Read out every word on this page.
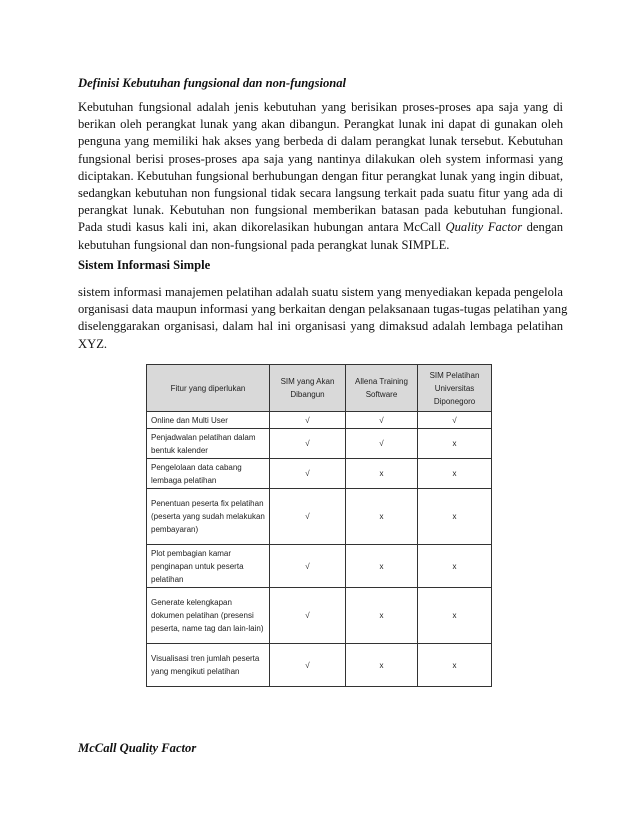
Definisi Kebutuhan fungsional dan non-fungsional

Kebutuhan fungsional adalah jenis kebutuhan yang berisikan proses-proses apa saja yang di
berikan oleh perangkat lunak yang akan dibangun. Perangkat lunak ini dapat di gunakan oleh
penguna yang memiliki hak akses yang berbeda di dalam perangkat lunak tersebut. Kebutuhan
fungsional berisi proses-proses apa saja yang nantinya dilakukan oleh system informasi yang
diciptakan. Kebutuhan fungsional berhubungan dengan fitur perangkat lunak yang ingin dibuat,
sedangkan kebutuhan non fungsional tidak secara langsung terkait pada suatu fitur yang ada di
perangkat lunak. Kebutuhan non fungsional memberikan batasan pada kebutuhan fungional.
Pada studi kasus kali ini, akan dikorelasikan hubungan antara McCall Quality Factor dengan
kebutuhan fungsional dan non-fungsional pada perangkat lunak SIMPLE.

Sistem Informasi Simple

sistem informasi manajemen pelatihan adalah suatu sistem yang menyediakan kepada pengelola
organisasi data maupun informasi yang berkaitan dengan pelaksanaan tugas-tugas pelatihan yang
diselenggarakan organisasi, dalam hal ini organisasi yang dimaksud adalah lembaga pelatihan
XYZ.
Fitur yang diperlukan	SIM yang Akan Dibangun	Allena Training Software	SIM Pelatihan Universitas Diponegoro
Online dan Multi User	√	√	√
Penjadwalan pelatihan dalam bentuk kalender	√	√	x
Pengelolaan data cabang lembaga pelatihan	√	x	x
Penentuan peserta fix pelatihan (peserta yang sudah melakukan pembayaran)	√	x	x
Plot pembagian kamar penginapan untuk peserta pelatihan	√	x	x
Generate kelengkapan dokumen pelatihan (presensi peserta, name tag dan lain-lain)	√	x	x
Visualisasi tren jumlah peserta yang mengikuti pelatihan	√	x	x

McCall Quality Factor
